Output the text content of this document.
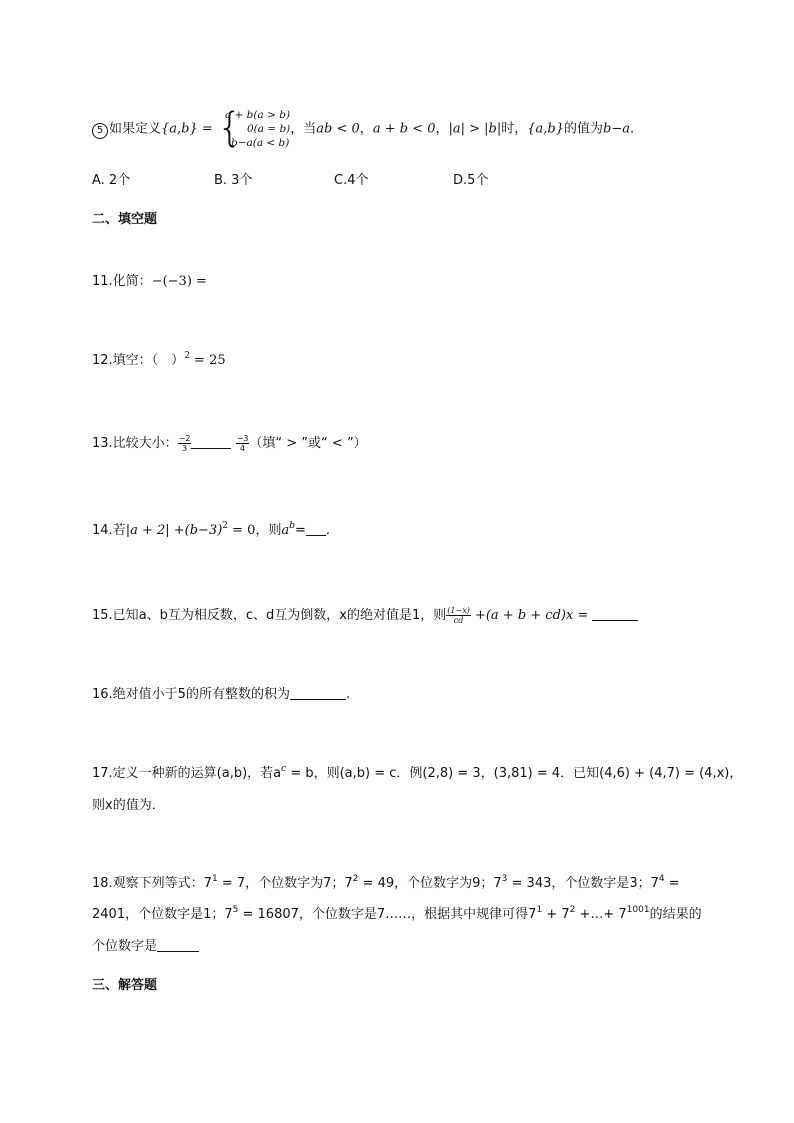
5 如果定义{a,b} = {
a + b(a > b)
0(a = b)
b−a(a < b)
，当ab < 0，a + b < 0，|a| > |b|时，{a,b}的值为b−a.
A. 2个	B. 3个	C.4个	D.5个
二、填空题
11.化简：−(−3) =
12.填空：（　）$^2$ = 25
13.比较大小： $\frac{-2}{3}$
	$\frac{-3}{4}$ （填“ > ”或“ < ”）
14.若$|a + 2| +(b-3)^2 = 0$，则$a^b=$ .
15.已知a、b互为相反数，c、d互为倒数，x的绝对值是1，则 $\frac{(1-x)}{cd} +(a + b + cd)x$ =
16.绝对值小于5的所有整数的积为	.
17.定义一种新的运算(a,b)，若$a^c = b$，则(a,b) = c．例(2,8) = 3，(3,81) = 4．已知(4,6) + (4,7) = (4,x)，
则x的值为．
18.观察下列等式：$7^1 = 7$，个位数字为7；$7^2 = 49$，个位数字为9；$7^3 = 343$，个位数字是3；$7^4$ =
2401，个位数字是1；$7^5 = 16807$，个位数字是7……，根据其中规律可得$7^1 + 7^2$ +…+ $7^{1001}$的结果的
个位数字是
三、解答题
